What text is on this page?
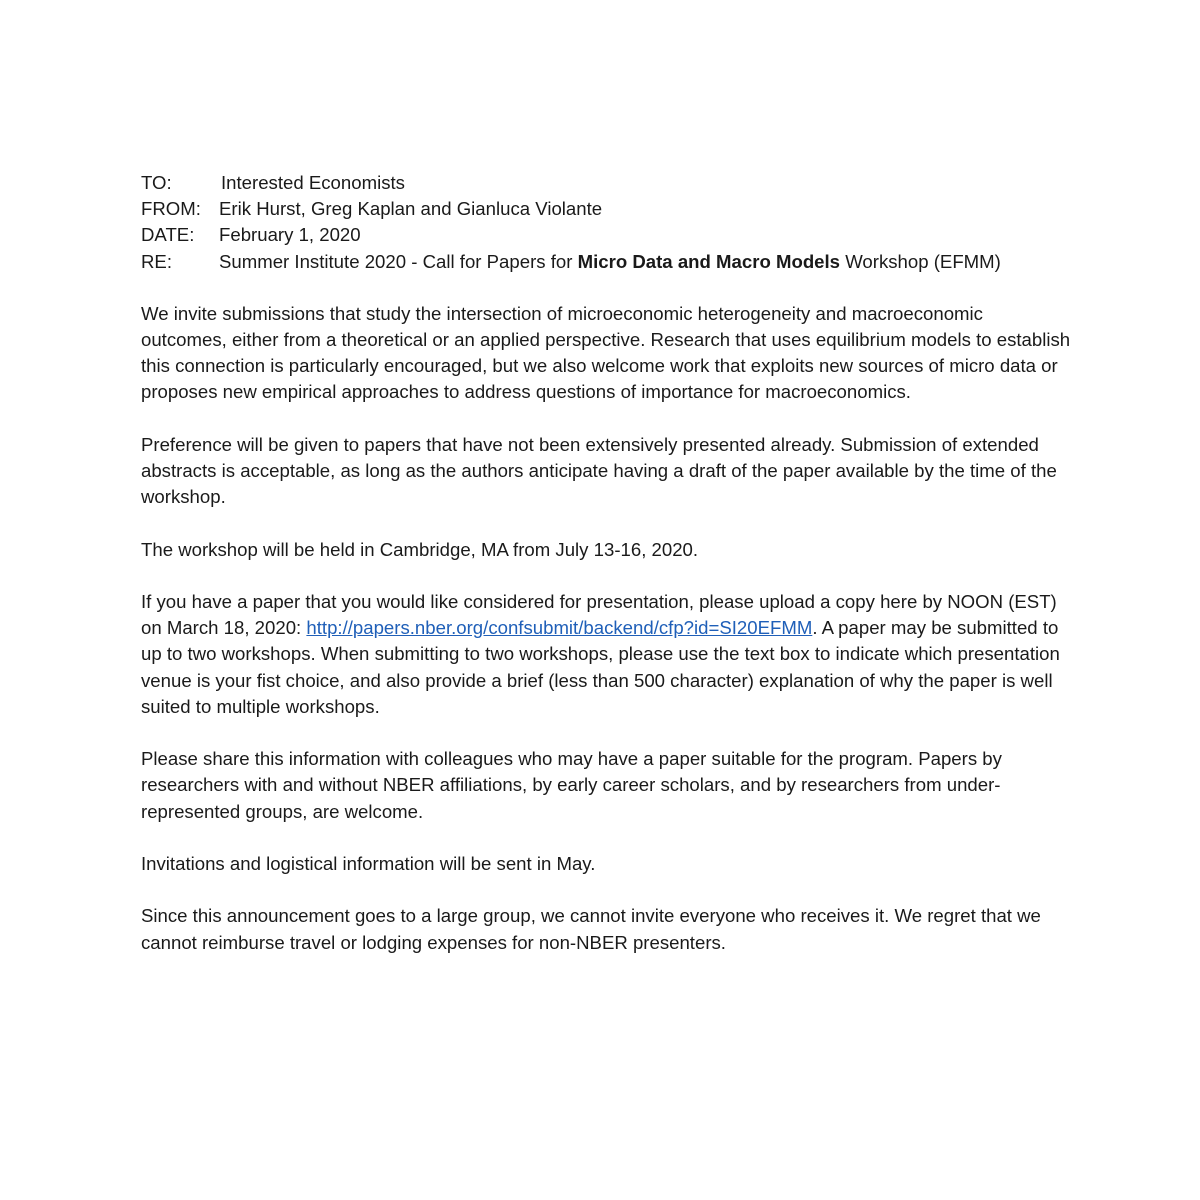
TO:	Interested Economists
FROM: Erik Hurst, Greg Kaplan and Gianluca Violante
DATE:	February 1, 2020
RE:	Summer Institute 2020 - Call for Papers for Micro Data and Macro Models Workshop (EFMM)

We invite submissions that study the intersection of microeconomic heterogeneity and macroeconomic outcomes, either from a theoretical or an applied perspective. Research that uses equilibrium models to establish this connection is particularly encouraged, but we also welcome work that exploits new sources of micro data or proposes new empirical approaches to address questions of importance for macroeconomics.

Preference will be given to papers that have not been extensively presented already. Submission of extended abstracts is acceptable, as long as the authors anticipate having a draft of the paper available by the time of the workshop.

The workshop will be held in Cambridge, MA from July 13-16, 2020.

If you have a paper that you would like considered for presentation, please upload a copy here by NOON (EST) on March 18, 2020: http://papers.nber.org/confsubmit/backend/cfp?id=SI20EFMM. A paper may be submitted to up to two workshops. When submitting to two workshops, please use the text box to indicate which presentation venue is your fist choice, and also provide a brief (less than 500 character) explanation of why the paper is well suited to multiple workshops.

Please share this information with colleagues who may have a paper suitable for the program. Papers by researchers with and without NBER affiliations, by early career scholars, and by researchers from under-represented groups, are welcome.

Invitations and logistical information will be sent in May.

Since this announcement goes to a large group, we cannot invite everyone who receives it. We regret that we cannot reimburse travel or lodging expenses for non-NBER presenters.
